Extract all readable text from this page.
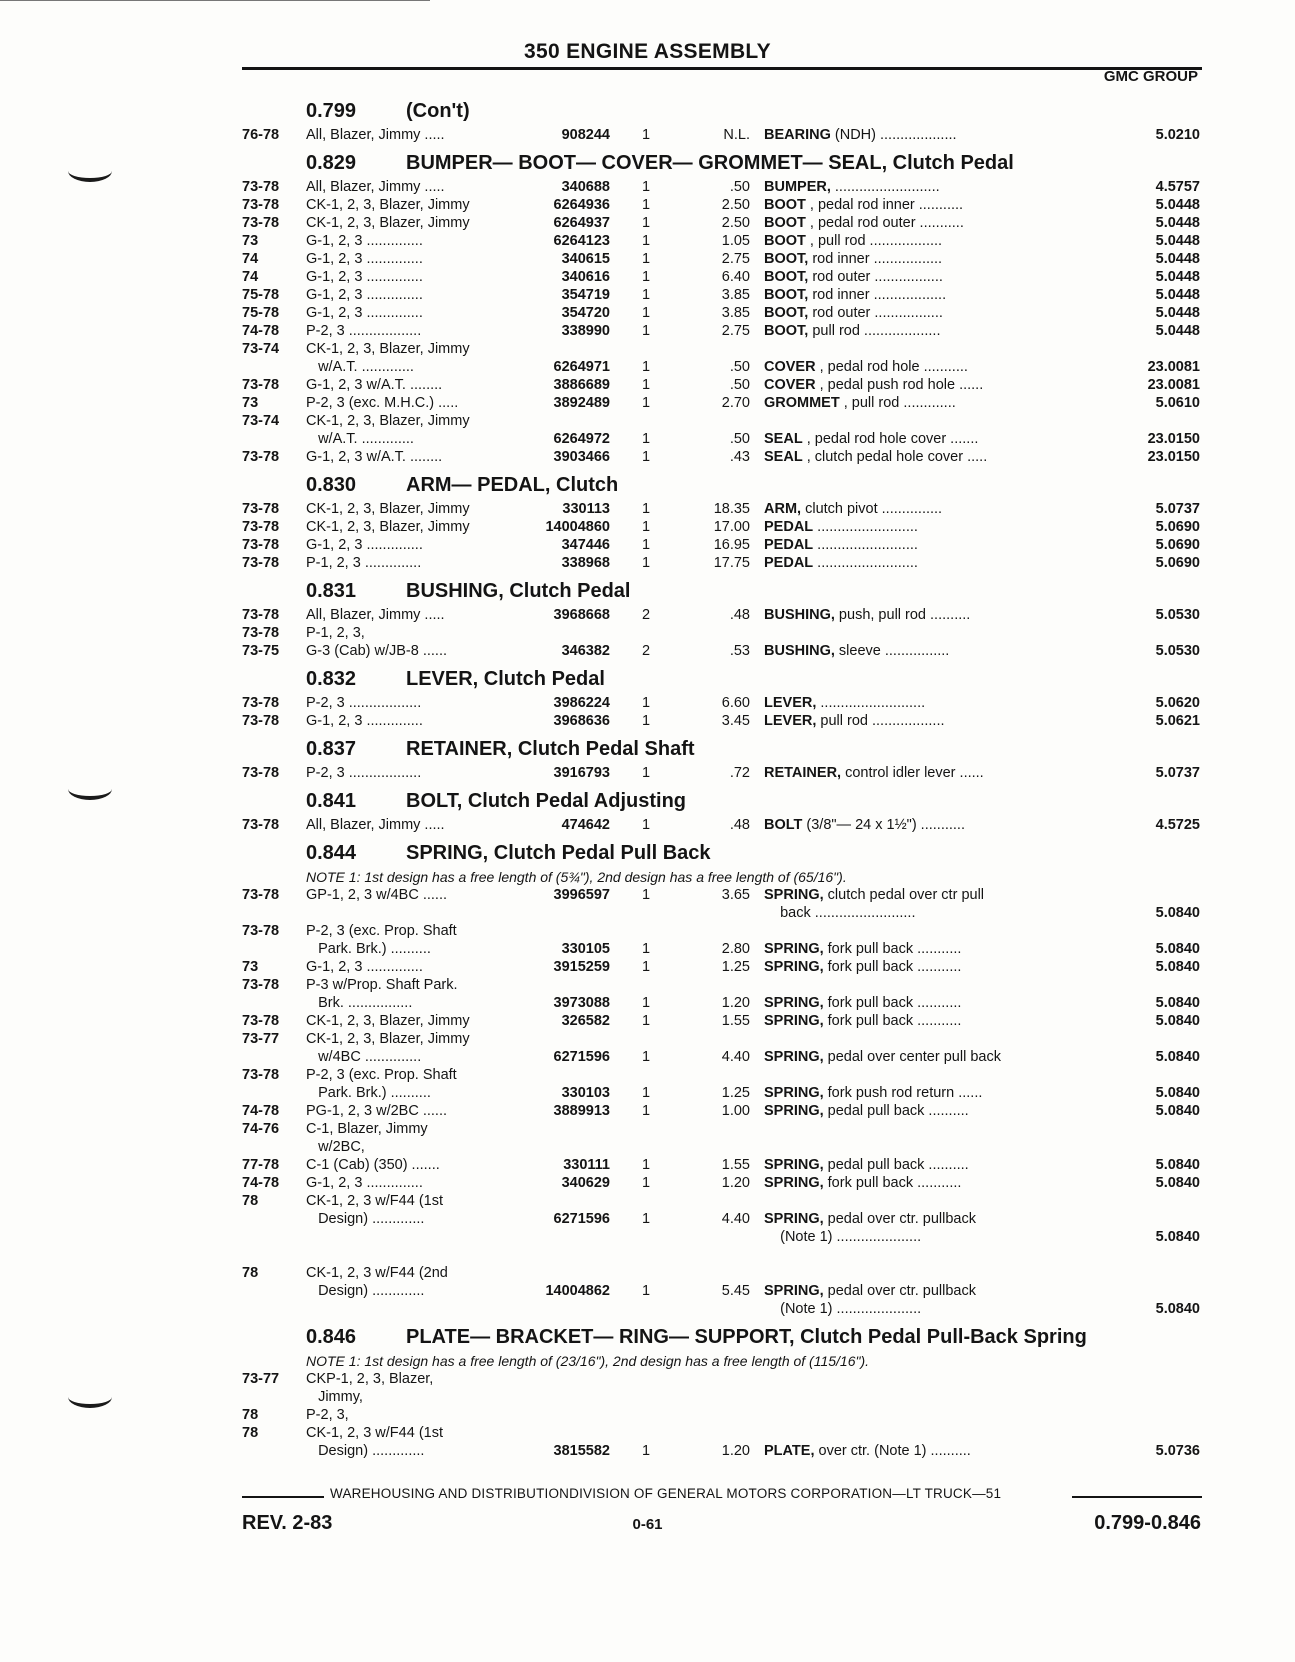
350 ENGINE ASSEMBLY
GMC GROUP
0.799	(Con't)
76-78	All, Blazer, Jimmy .....	908244 1	N.L. BEARING (NDH) ...................	5.0210
0.829	BUMPER— BOOT— COVER— GROMMET— SEAL, Clutch Pedal
73-78	All, Blazer, Jimmy .....	340688 1	.50 BUMPER, ..........................	4.5757
73-78	CK-1, 2, 3, Blazer, Jimmy	6264936 1	2.50 BOOT , pedal rod inner ...........	5.0448
73-78	CK-1, 2, 3, Blazer, Jimmy	6264937 1	2.50 BOOT , pedal rod outer ...........	5.0448
73	G-1, 2, 3 ..............	6264123 1	1.05 BOOT , pull rod ..................	5.0448
74	G-1, 2, 3 ..............	340615 1	2.75 BOOT, rod inner .................	5.0448
74	G-1, 2, 3 ..............	340616 1	6.40 BOOT, rod outer .................	5.0448
75-78	G-1, 2, 3 ..............	354719 1	3.85 BOOT, rod inner ..................	5.0448
75-78	G-1, 2, 3 ..............	354720 1	3.85 BOOT, rod outer .................	5.0448
74-78	P-2, 3 ..................	338990 1	2.75 BOOT, pull rod ...................	5.0448
73-74	CK-1, 2, 3, Blazer, Jimmy
w/A.T. .............	6264971 1	.50 COVER , pedal rod hole ...........	23.0081
73-78	G-1, 2, 3 w/A.T. ........	3886689 1	.50 COVER , pedal push rod hole ......	23.0081
73	P-2, 3 (exc. M.H.C.) .....	3892489 1	2.70 GROMMET , pull rod .............	5.0610
73-74	CK-1, 2, 3, Blazer, Jimmy
w/A.T. .............	6264972 1	.50 SEAL , pedal rod hole cover .......	23.0150
73-78	G-1, 2, 3 w/A.T. ........	3903466 1	.43 SEAL , clutch pedal hole cover .....	23.0150
0.830	ARM— PEDAL, Clutch
73-78	CK-1, 2, 3, Blazer, Jimmy	330113 1	18.35 ARM, clutch pivot ...............	5.0737
73-78	CK-1, 2, 3, Blazer, Jimmy	14004860 1	17.00 PEDAL .........................	5.0690
73-78	G-1, 2, 3 ..............	347446 1	16.95 PEDAL .........................	5.0690
73-78	P-1, 2, 3 ..............	338968 1	17.75 PEDAL .........................	5.0690
0.831	BUSHING, Clutch Pedal
73-78	All, Blazer, Jimmy .....	3968668 2	.48 BUSHING, push, pull rod ..........	5.0530
73-78	P-1, 2, 3,
73-75	G-3 (Cab) w/JB-8 ......	346382 2	.53 BUSHING, sleeve ................	5.0530
0.832	LEVER, Clutch Pedal
73-78	P-2, 3 ..................	3986224 1	6.60 LEVER, ..........................	5.0620
73-78	G-1, 2, 3 ..............	3968636 1	3.45 LEVER, pull rod ..................	5.0621
0.837	RETAINER, Clutch Pedal Shaft
73-78	P-2, 3 ..................	3916793 1	.72 RETAINER, control idler lever ......	5.0737
0.841	BOLT, Clutch Pedal Adjusting
73-78	All, Blazer, Jimmy .....	474642 1	.48 BOLT (3/8"— 24 x 1½") ...........	4.5725
0.844	SPRING, Clutch Pedal Pull Back
NOTE 1: 1st design has a free length of (5¾"), 2nd design has a free length of (65/16").
73-78	GP-1, 2, 3 w/4BC ......	3996597 1	3.65 SPRING, clutch pedal over ctr pull
back .........................	5.0840
73-78	P-2, 3 (exc. Prop. Shaft
Park. Brk.) ..........	330105 1	2.80 SPRING, fork pull back ...........	5.0840
73	G-1, 2, 3 ..............	3915259 1	1.25 SPRING, fork pull back ...........	5.0840
73-78	P-3 w/Prop. Shaft Park.
Brk. ................	3973088 1	1.20 SPRING, fork pull back ...........	5.0840
73-78	CK-1, 2, 3, Blazer, Jimmy	326582 1	1.55 SPRING, fork pull back ...........	5.0840
73-77	CK-1, 2, 3, Blazer, Jimmy
w/4BC ..............	6271596 1	4.40 SPRING, pedal over center pull back	5.0840
73-78	P-2, 3 (exc. Prop. Shaft
Park. Brk.) ..........	330103 1	1.25 SPRING, fork push rod return ......	5.0840
74-78	PG-1, 2, 3 w/2BC ......	3889913 1	1.00 SPRING, pedal pull back ..........	5.0840
74-76	C-1, Blazer, Jimmy
w/2BC,
77-78	C-1 (Cab) (350) .......	330111 1	1.55 SPRING, pedal pull back ..........	5.0840
74-78	G-1, 2, 3 ..............	340629 1	1.20 SPRING, fork pull back ...........	5.0840
78	CK-1, 2, 3 w/F44 (1st
Design) .............	6271596 1	4.40 SPRING, pedal over ctr. pullback
(Note 1) .....................	5.0840
78	CK-1, 2, 3 w/F44 (2nd
Design) .............	14004862 1	5.45 SPRING, pedal over ctr. pullback
(Note 1) .....................	5.0840
0.846	PLATE— BRACKET— RING— SUPPORT, Clutch Pedal Pull-Back Spring
NOTE 1: 1st design has a free length of (23/16"), 2nd design has a free length of (115/16").
73-77	CKP-1, 2, 3, Blazer,
Jimmy,
78	P-2, 3,
78	CK-1, 2, 3 w/F44 (1st
Design) .............	3815582 1	1.20 PLATE, over ctr. (Note 1) ..........	5.0736
WAREHOUSING AND DISTRIBUTIONDIVISION OF GENERAL MOTORS CORPORATION—LT TRUCK—51
REV. 2-83	0-61	0.799-0.846
